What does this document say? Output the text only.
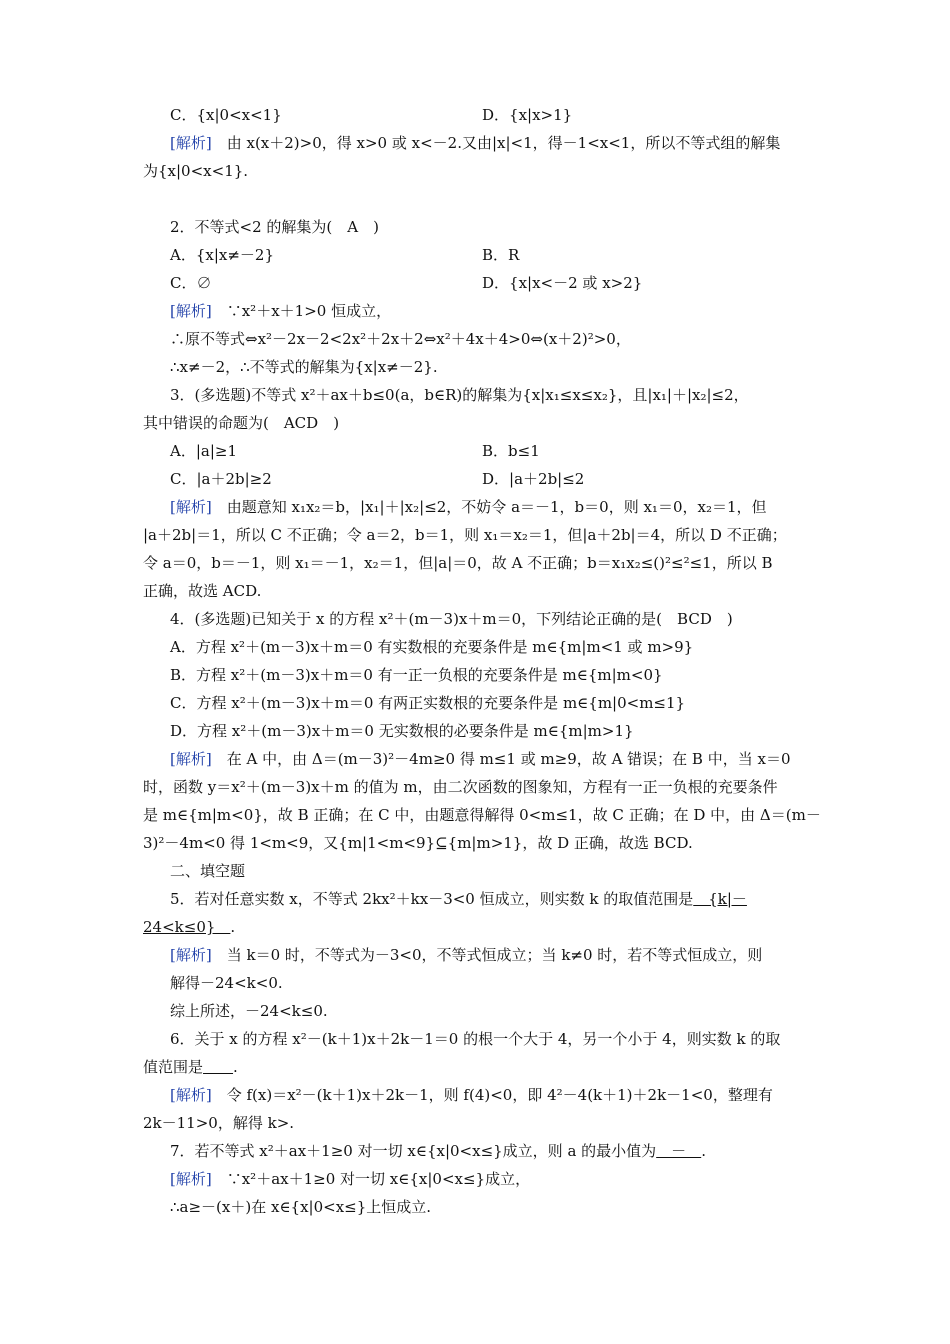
C．{x|0<x<1}	D．{x|x>1}
[解析]　由 x(x＋2)>0，得 x>0 或 x<－2.又由|x|<1，得－1<x<1，所以不等式组的解集
为{x|0<x<1}.
2．不等式<2 的解集为(　A　)
A．{x|x≠－2}	B．R
C．∅	D．{x|x<－2 或 x>2}
[解析]　∵x²＋x＋1>0 恒成立，
∴原不等式⇔x²－2x－2<2x²＋2x＋2⇔x²＋4x＋4>0⇔(x＋2)²>0，
∴x≠－2，∴不等式的解集为{x|x≠－2}.
3．(多选题)不等式 x²＋ax＋b≤0(a，b∈R)的解集为{x|x₁≤x≤x₂}，且|x₁|＋|x₂|≤2，
其中错误的命题为(　ACD　)
A．|a|≥1	B．b≤1
C．|a＋2b|≥2	D．|a＋2b|≤2
[解析]　由题意知 x₁x₂＝b，|x₁|＋|x₂|≤2，不妨令 a＝－1，b＝0，则 x₁＝0，x₂＝1，但
|a＋2b|＝1，所以 C 不正确；令 a＝2，b＝1，则 x₁＝x₂＝1，但|a＋2b|＝4，所以 D 不正确；
令 a＝0，b＝－1，则 x₁＝－1，x₂＝1，但|a|＝0，故 A 不正确；b＝x₁x₂≤()²≤²≤1，所以 B
正确，故选 ACD.
4．(多选题)已知关于 x 的方程 x²＋(m－3)x＋m＝0，下列结论正确的是(　BCD　)
A．方程 x²＋(m－3)x＋m＝0 有实数根的充要条件是 m∈{m|m<1 或 m>9}
B．方程 x²＋(m－3)x＋m＝0 有一正一负根的充要条件是 m∈{m|m<0}
C．方程 x²＋(m－3)x＋m＝0 有两正实数根的充要条件是 m∈{m|0<m≤1}
D．方程 x²＋(m－3)x＋m＝0 无实数根的必要条件是 m∈{m|m>1}
[解析]　在 A 中，由 Δ＝(m－3)²－4m≥0 得 m≤1 或 m≥9，故 A 错误；在 B 中，当 x＝0
时，函数 y＝x²＋(m－3)x＋m 的值为 m，由二次函数的图象知，方程有一正一负根的充要条件
是 m∈{m|m<0}，故 B 正确；在 C 中，由题意得解得 0<m≤1，故 C 正确；在 D 中，由 Δ＝(m－
3)²－4m<0 得 1<m<9，又{m|1<m<9}⊆{m|m>1}，故 D 正确，故选 BCD.
二、填空题
5．若对任意实数 x，不等式 2kx²＋kx－3<0 恒成立，则实数 k 的取值范围是　{k|－
24<k≤0}　.
[解析]　当 k＝0 时，不等式为－3<0，不等式恒成立；当 k≠0 时，若不等式恒成立，则
解得－24<k<0.
综上所述，－24<k≤0.
6．关于 x 的方程 x²－(k＋1)x＋2k－1＝0 的根一个大于 4，另一个小于 4，则实数 k 的取
值范围是　　 .
[解析]　令 f(x)＝x²－(k＋1)x＋2k－1，则 f(4)<0，即 4²－4(k＋1)＋2k－1<0，整理有
2k－11>0，解得 k>.
7．若不等式 x²＋ax＋1≥0 对一切 x∈{x|0<x≤}成立，则 a 的最小值为　－　.
[解析]　∵x²＋ax＋1≥0 对一切 x∈{x|0<x≤}成立，
∴a≥－(x＋)在 x∈{x|0<x≤}上恒成立.
